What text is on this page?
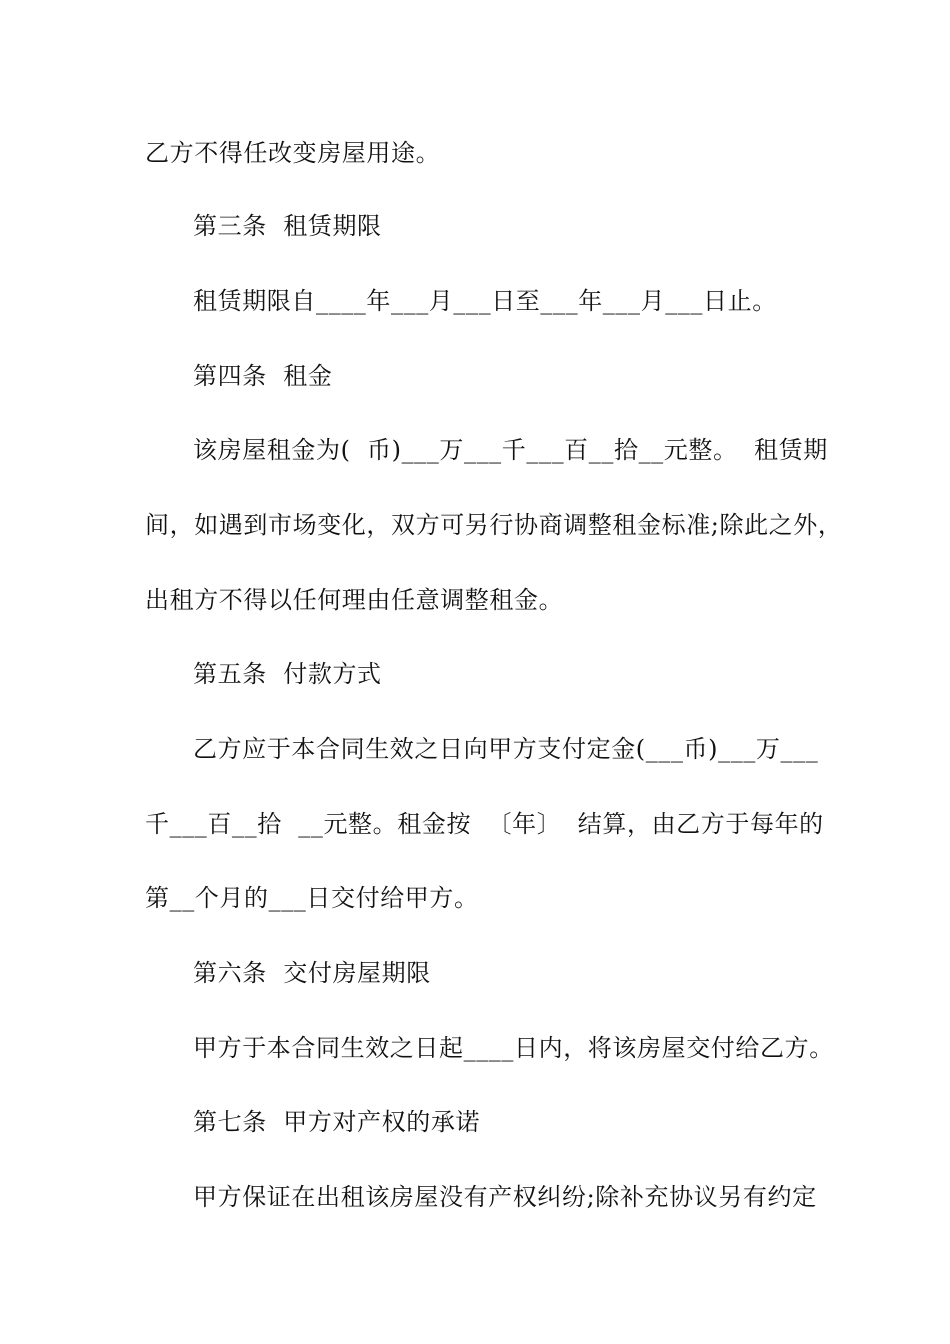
乙方不得任改变房屋用途。
第三条  租赁期限
租赁期限自____年___月___日至___年___月___日止。
第四条  租金
该房屋租金为(  币)___万___千___百__拾__元整。  租赁期
间，如遇到市场变化，双方可另行协商调整租金标准;除此之外，
出租方不得以任何理由任意调整租金。
第五条  付款方式
乙方应于本合同生效之日向甲方支付定金(___币)___万___
千___百__拾  __元整。租金按  〔年〕  结算，由乙方于每年的
第__个月的___日交付给甲方。
第六条  交付房屋期限
甲方于本合同生效之日起____日内，将该房屋交付给乙方。
第七条  甲方对产权的承诺
甲方保证在出租该房屋没有产权纠纷;除补充协议另有约定
